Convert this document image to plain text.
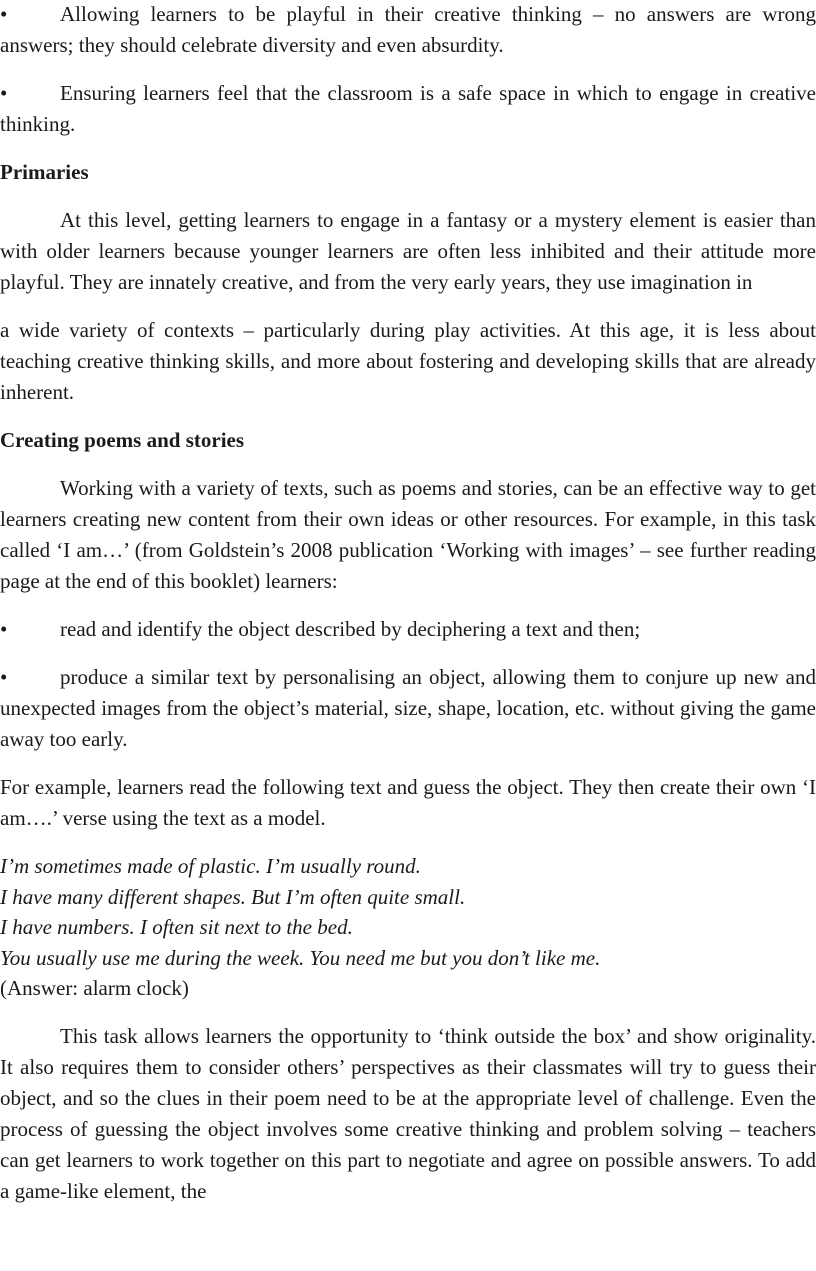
•	Allowing learners to be playful in their creative thinking – no answers are wrong answers; they should celebrate diversity and even absurdity.

•	Ensuring learners feel that the classroom is a safe space in which to engage in creative thinking.

Primaries

At this level, getting learners to engage in a fantasy or a mystery element is easier than with older learners because younger learners are often less inhibited and their attitude more playful. They are innately creative, and from the very early years, they use imagination in

a wide variety of contexts – particularly during play activities. At this age, it is less about teaching creative thinking skills, and more about fostering and developing skills that are already inherent.

Creating poems and stories

Working with a variety of texts, such as poems and stories, can be an effective way to get learners creating new content from their own ideas or other resources. For example, in this task called ‘I am…’ (from Goldstein’s 2008 publication ‘Working with images’ – see further reading page at the end of this booklet) learners:

•	read and identify the object described by deciphering a text and then;

•	produce a similar text by personalising an object, allowing them to conjure up new and unexpected images from the object’s material, size, shape, location, etc. without giving the game away too early.

For example, learners read the following text and guess the object. They then create their own ‘I am….’ verse using the text as a model.

I’m sometimes made of plastic. I’m usually round.

I have many different shapes. But I’m often quite small.

I have numbers. I often sit next to the bed.

You usually use me during the week. You need me but you don’t like me.

(Answer: alarm clock)

This task allows learners the opportunity to ‘think outside the box’ and show originality. It also requires them to consider others’ perspectives as their classmates will try to guess their object, and so the clues in their poem need to be at the appropriate level of challenge. Even the process of guessing the object involves some creative thinking and problem solving – teachers can get learners to work together on this part to negotiate and agree on possible answers. To add a game-like element, the
